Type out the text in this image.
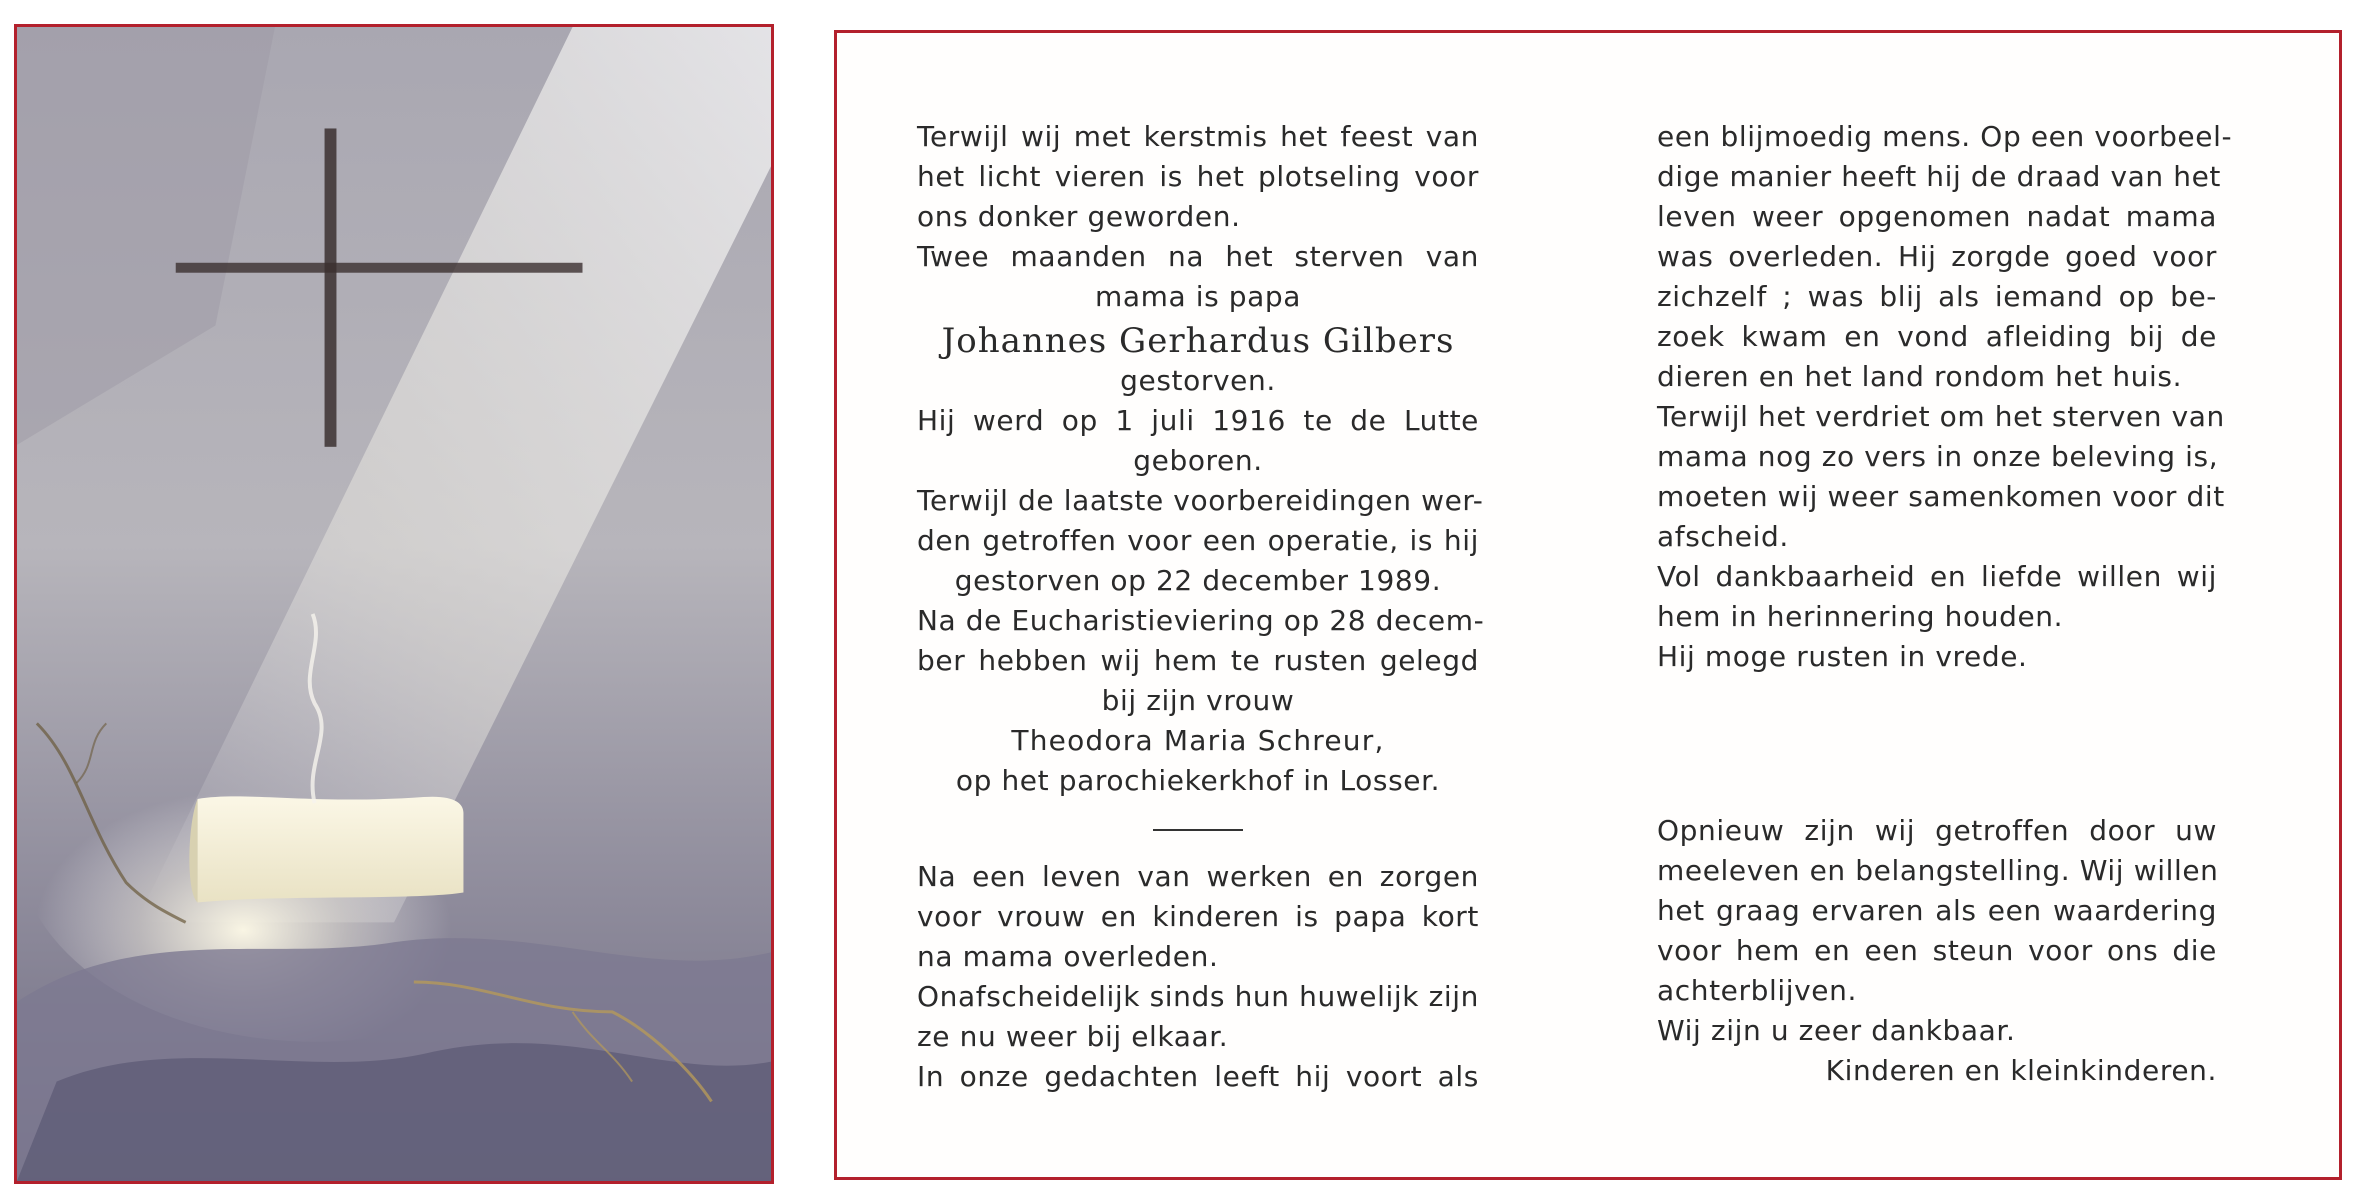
Terwijl wij met kerstmis het feest van
het licht vieren is het plotseling voor
ons donker geworden.
Twee maanden na het sterven van
mama is papa
Johannes Gerhardus Gilbers
gestorven.
Hij werd op 1 juli 1916 te de Lutte
geboren.
Terwijl de laatste voorbereidingen wer-
den getroffen voor een operatie, is hij
gestorven op 22 december 1989.
Na de Eucharistieviering op 28 decem-
ber hebben wij hem te rusten gelegd
bij zijn vrouw
Theodora Maria Schreur,
op het parochiekerkhof in Losser.
Na een leven van werken en zorgen
voor vrouw en kinderen is papa kort
na mama overleden.
Onafscheidelijk sinds hun huwelijk zijn
ze nu weer bij elkaar.
In onze gedachten leeft hij voort als
een blijmoedig mens. Op een voorbeel-
dige manier heeft hij de draad van het
leven weer opgenomen nadat mama
was overleden. Hij zorgde goed voor
zichzelf ; was blij als iemand op be-
zoek kwam en vond afleiding bij de
dieren en het land rondom het huis.
Terwijl het verdriet om het sterven van
mama nog zo vers in onze beleving is,
moeten wij weer samenkomen voor dit
afscheid.
Vol dankbaarheid en liefde willen wij
hem in herinnering houden.
Hij moge rusten in vrede.
Opnieuw zijn wij getroffen door uw
meeleven en belangstelling. Wij willen
het graag ervaren als een waardering
voor hem en een steun voor ons die
achterblijven.
Wij zijn u zeer dankbaar.
Kinderen en kleinkinderen.
